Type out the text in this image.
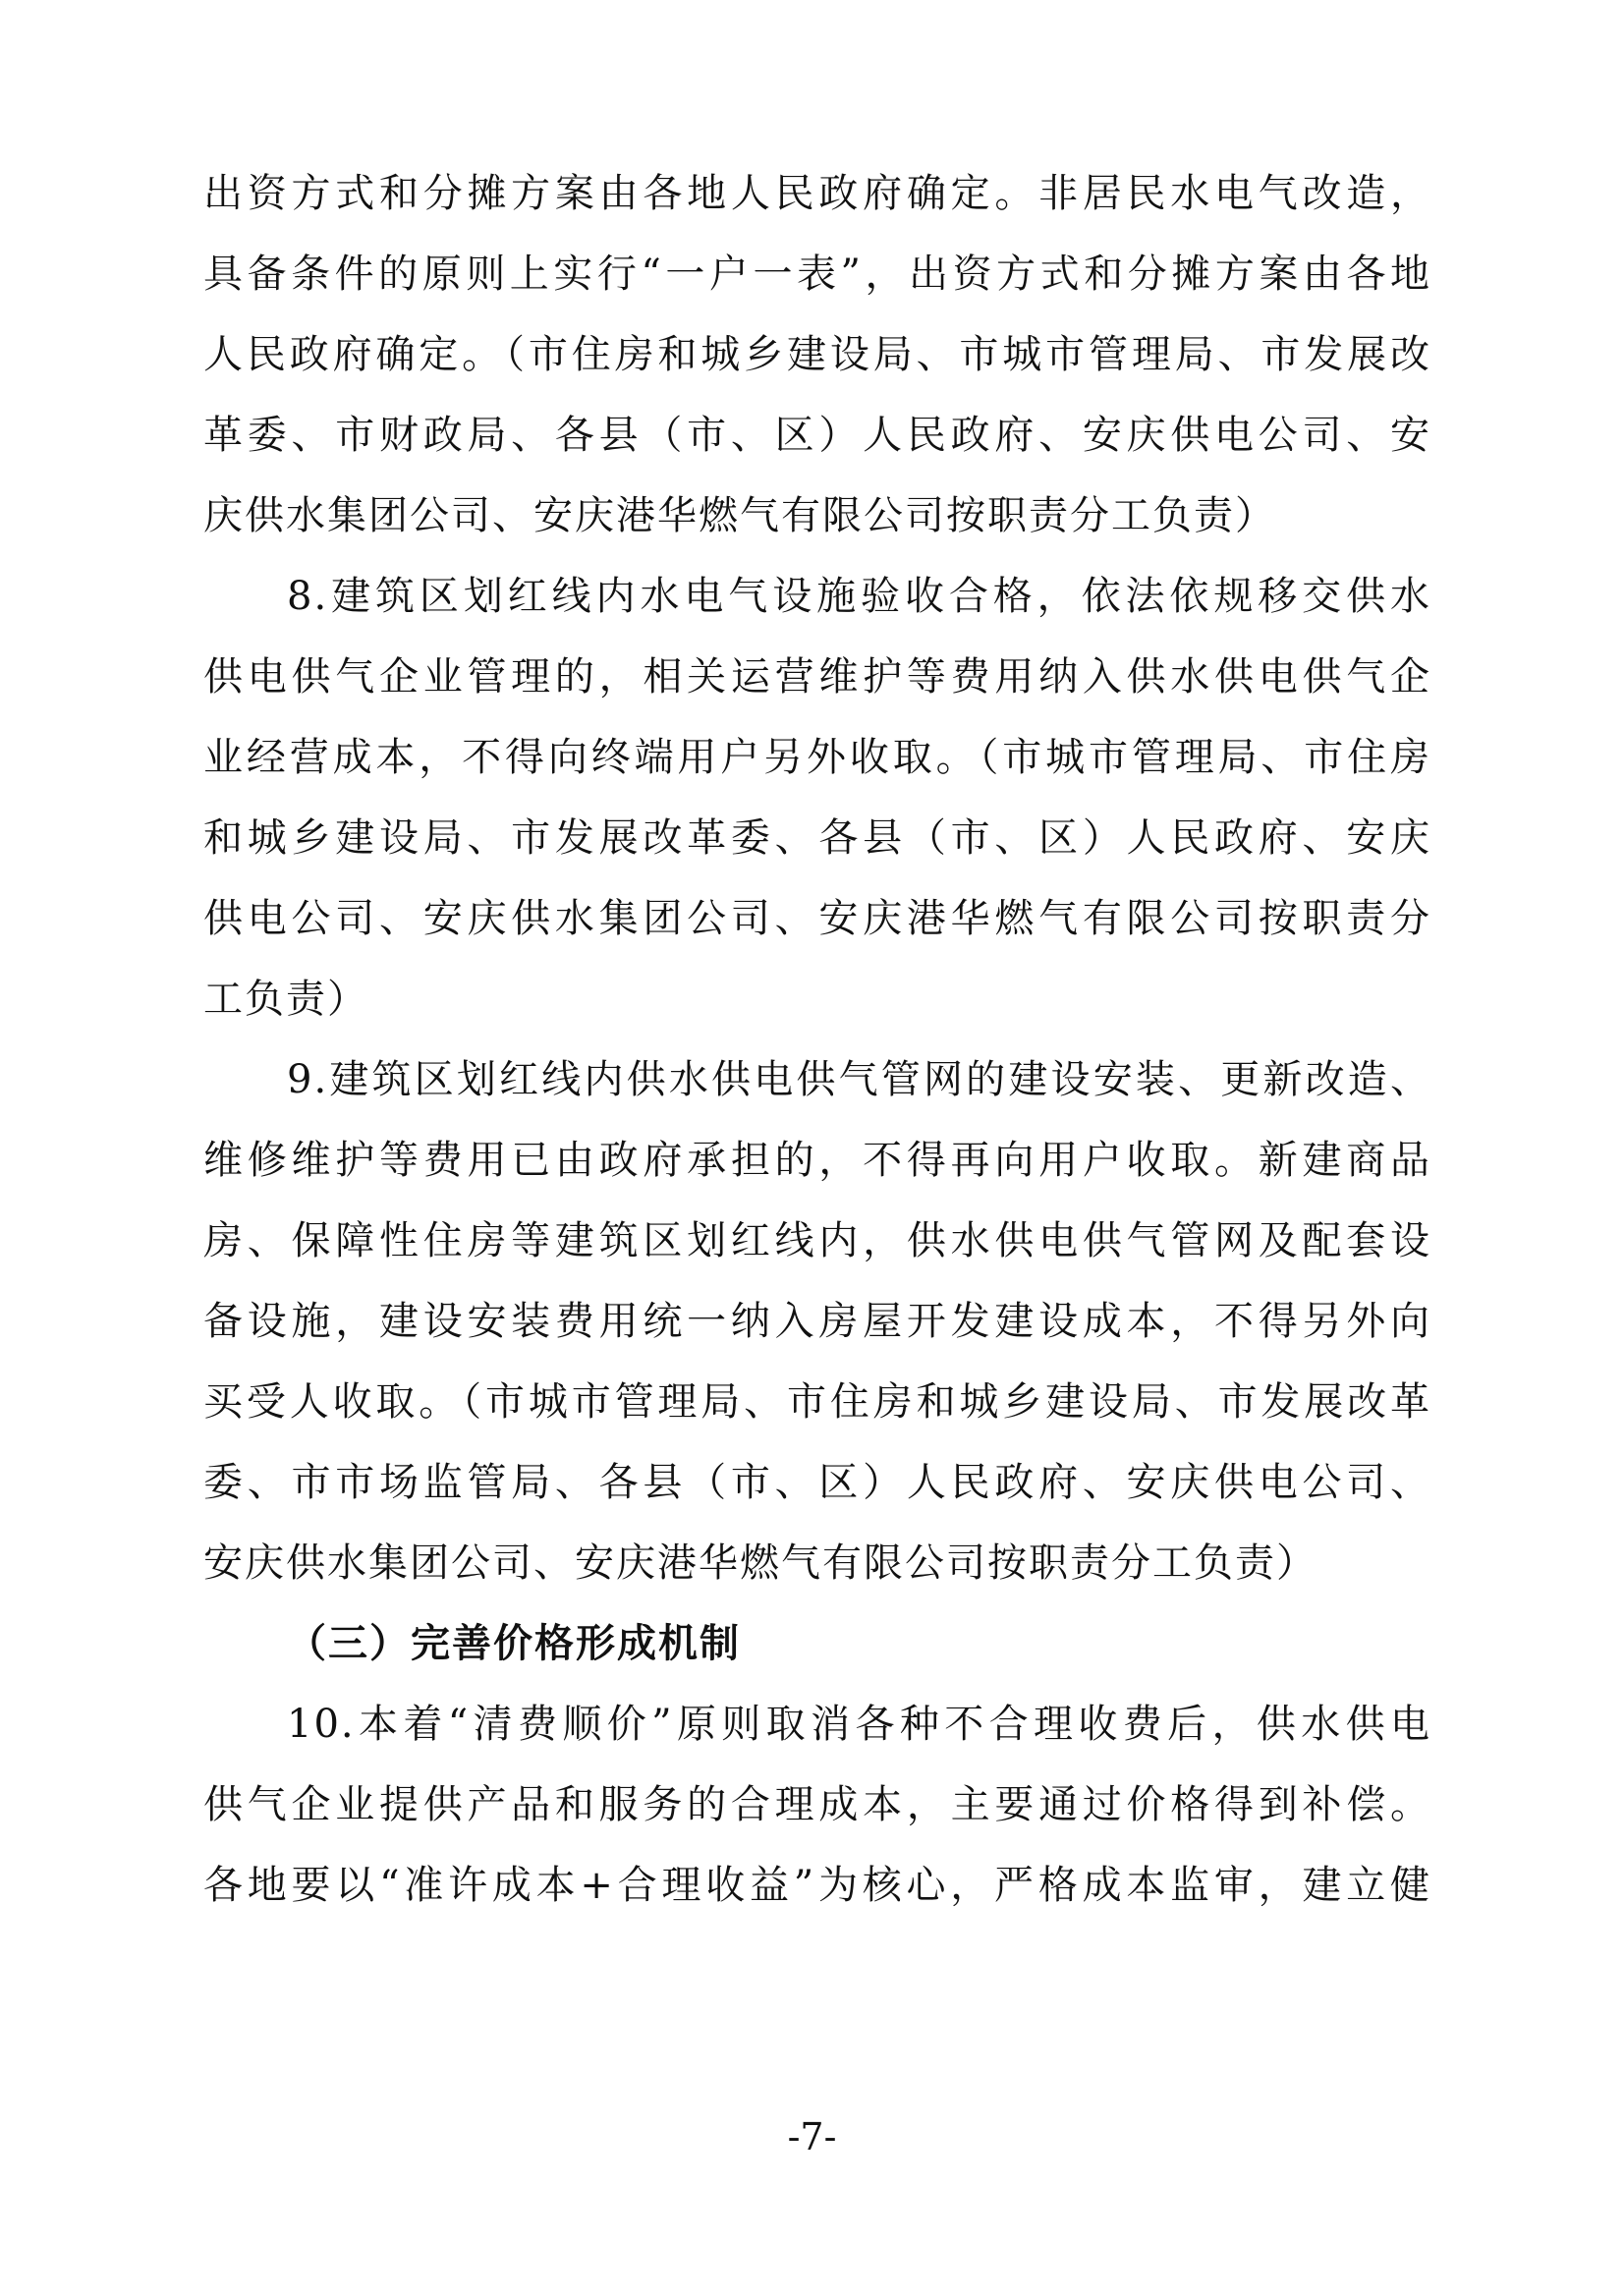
出资方式和分摊方案由各地人民政府确定。非居民水电气改造，
具备条件的原则上实行“一户一表”，出资方式和分摊方案由各地
人民政府确定。（市住房和城乡建设局、市城市管理局、市发展改
革委、市财政局、各县（市、区）人民政府、安庆供电公司、安
庆供水集团公司、安庆港华燃气有限公司按职责分工负责）
8.建筑区划红线内水电气设施验收合格，依法依规移交供水
供电供气企业管理的，相关运营维护等费用纳入供水供电供气企
业经营成本，不得向终端用户另外收取。（市城市管理局、市住房
和城乡建设局、市发展改革委、各县（市、区）人民政府、安庆
供电公司、安庆供水集团公司、安庆港华燃气有限公司按职责分
工负责）
9.建筑区划红线内供水供电供气管网的建设安装、更新改造、
维修维护等费用已由政府承担的，不得再向用户收取。新建商品
房、保障性住房等建筑区划红线内，供水供电供气管网及配套设
备设施，建设安装费用统一纳入房屋开发建设成本，不得另外向
买受人收取。（市城市管理局、市住房和城乡建设局、市发展改革
委、市市场监管局、各县（市、区）人民政府、安庆供电公司、
安庆供水集团公司、安庆港华燃气有限公司按职责分工负责）
（三）完善价格形成机制
10.本着“清费顺价”原则取消各种不合理收费后，供水供电
供气企业提供产品和服务的合理成本，主要通过价格得到补偿。
各地要以“准许成本+合理收益”为核心，严格成本监审，建立健
-7-
